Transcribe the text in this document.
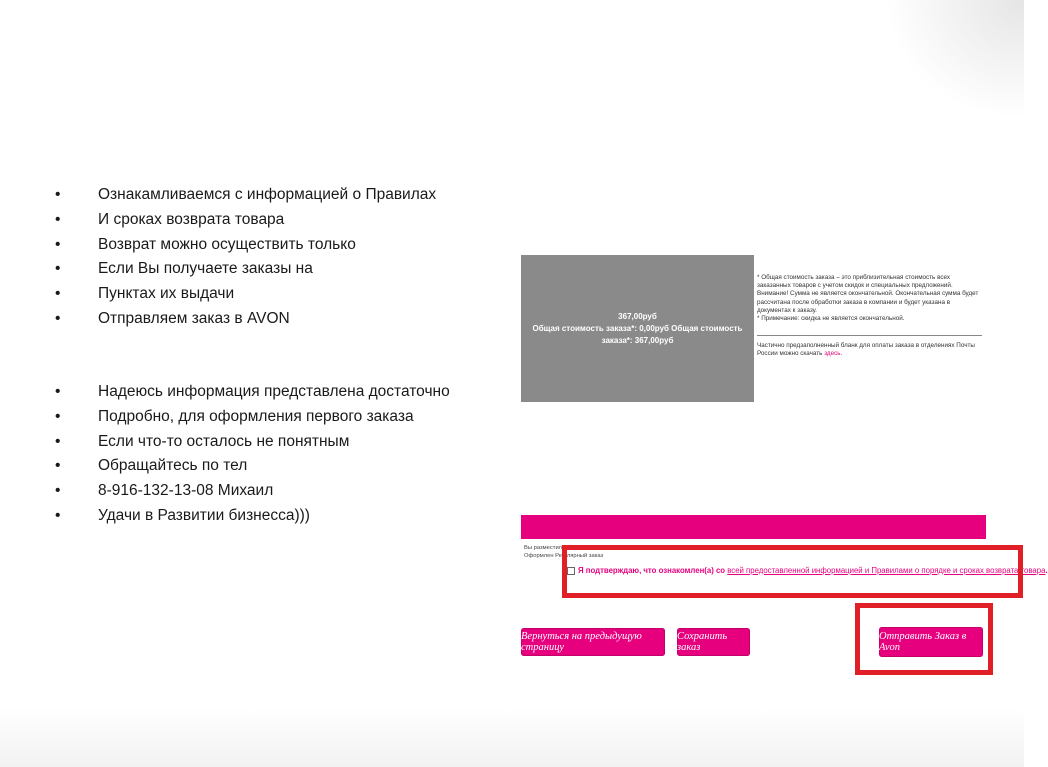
• Ознакамливаемся с информацией о Правилах
• И сроках возврата товара
• Возврат можно осуществить только
• Если Вы получаете заказы на
• Пунктах их выдачи
• Отправляем заказ в AVON
• Надеюсь информация представлена достаточно
• Подробно, для оформления первого заказа
• Если что-то осталось не понятным
• Обращайтесь по тел
• 8-916-132-13-08 Михаил
• Удачи в Развитии бизнесса)))
367,00руб
Общая стоимость заказа*: 0,00руб Общая стоимость заказа*: 367,00руб

* Общая стоимость заказа – это приблизительная стоимость всех заказанных товаров с учетом скидок и специальных предложений.

Внимание! Сумма не является окончательной. Окончательная сумма будет рассчитана после обработки заказа в компании и будет указана в документах к заказу.

* Примечание: скидка не является окончательной.

Частично предзаполненный бланк для оплаты заказа в отделениях Почты России можно скачать здесь.

Вы разместили 1 заказ(ов) в этой кампании
Оформлен Регулярный заказ
Я подтверждаю, что ознакомлен(а) со всей предоставленной информацией и Правилами о порядке и сроках возврата товара.
Вернуться на предыдущую страницу
Сохранить заказ
Отправить Заказ в Avon
